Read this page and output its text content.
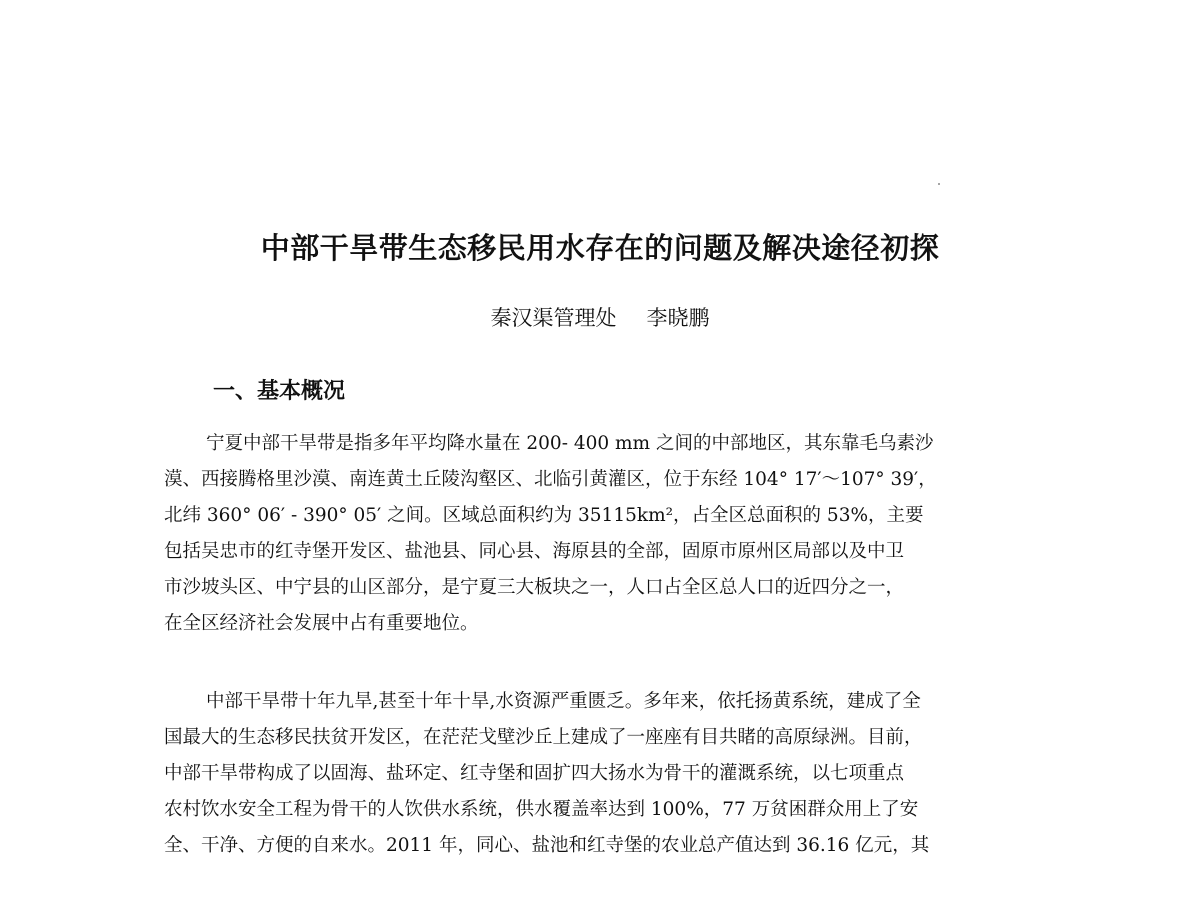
中部干旱带生态移民用水存在的问题及解决途径初探
秦汉渠管理处 李晓鹏
一、基本概况
宁夏中部干旱带是指多年平均降水量在 200- 400 mm 之间的中部地区，其东靠毛乌素沙
漠、西接腾格里沙漠、南连黄土丘陵沟壑区、北临引黄灌区，位于东经 104° 17′～107° 39′，
北纬 360° 06′ - 390° 05′ 之间。区域总面积约为 35115km²，占全区总面积的 53%，主要
包括吴忠市的红寺堡开发区、盐池县、同心县、海原县的全部，固原市原州区局部以及中卫
市沙坡头区、中宁县的山区部分，是宁夏三大板块之一，人口占全区总人口的近四分之一，
在全区经济社会发展中占有重要地位。
中部干旱带十年九旱,甚至十年十旱,水资源严重匮乏。多年来，依托扬黄系统，建成了全
国最大的生态移民扶贫开发区，在茫茫戈壁沙丘上建成了一座座有目共睹的高原绿洲。目前，
中部干旱带构成了以固海、盐环定、红寺堡和固扩四大扬水为骨干的灌溉系统，以七项重点
农村饮水安全工程为骨干的人饮供水系统，供水覆盖率达到 100%，77 万贫困群众用上了安
全、干净、方便的自来水。2011 年，同心、盐池和红寺堡的农业总产值达到 36.16 亿元，其
